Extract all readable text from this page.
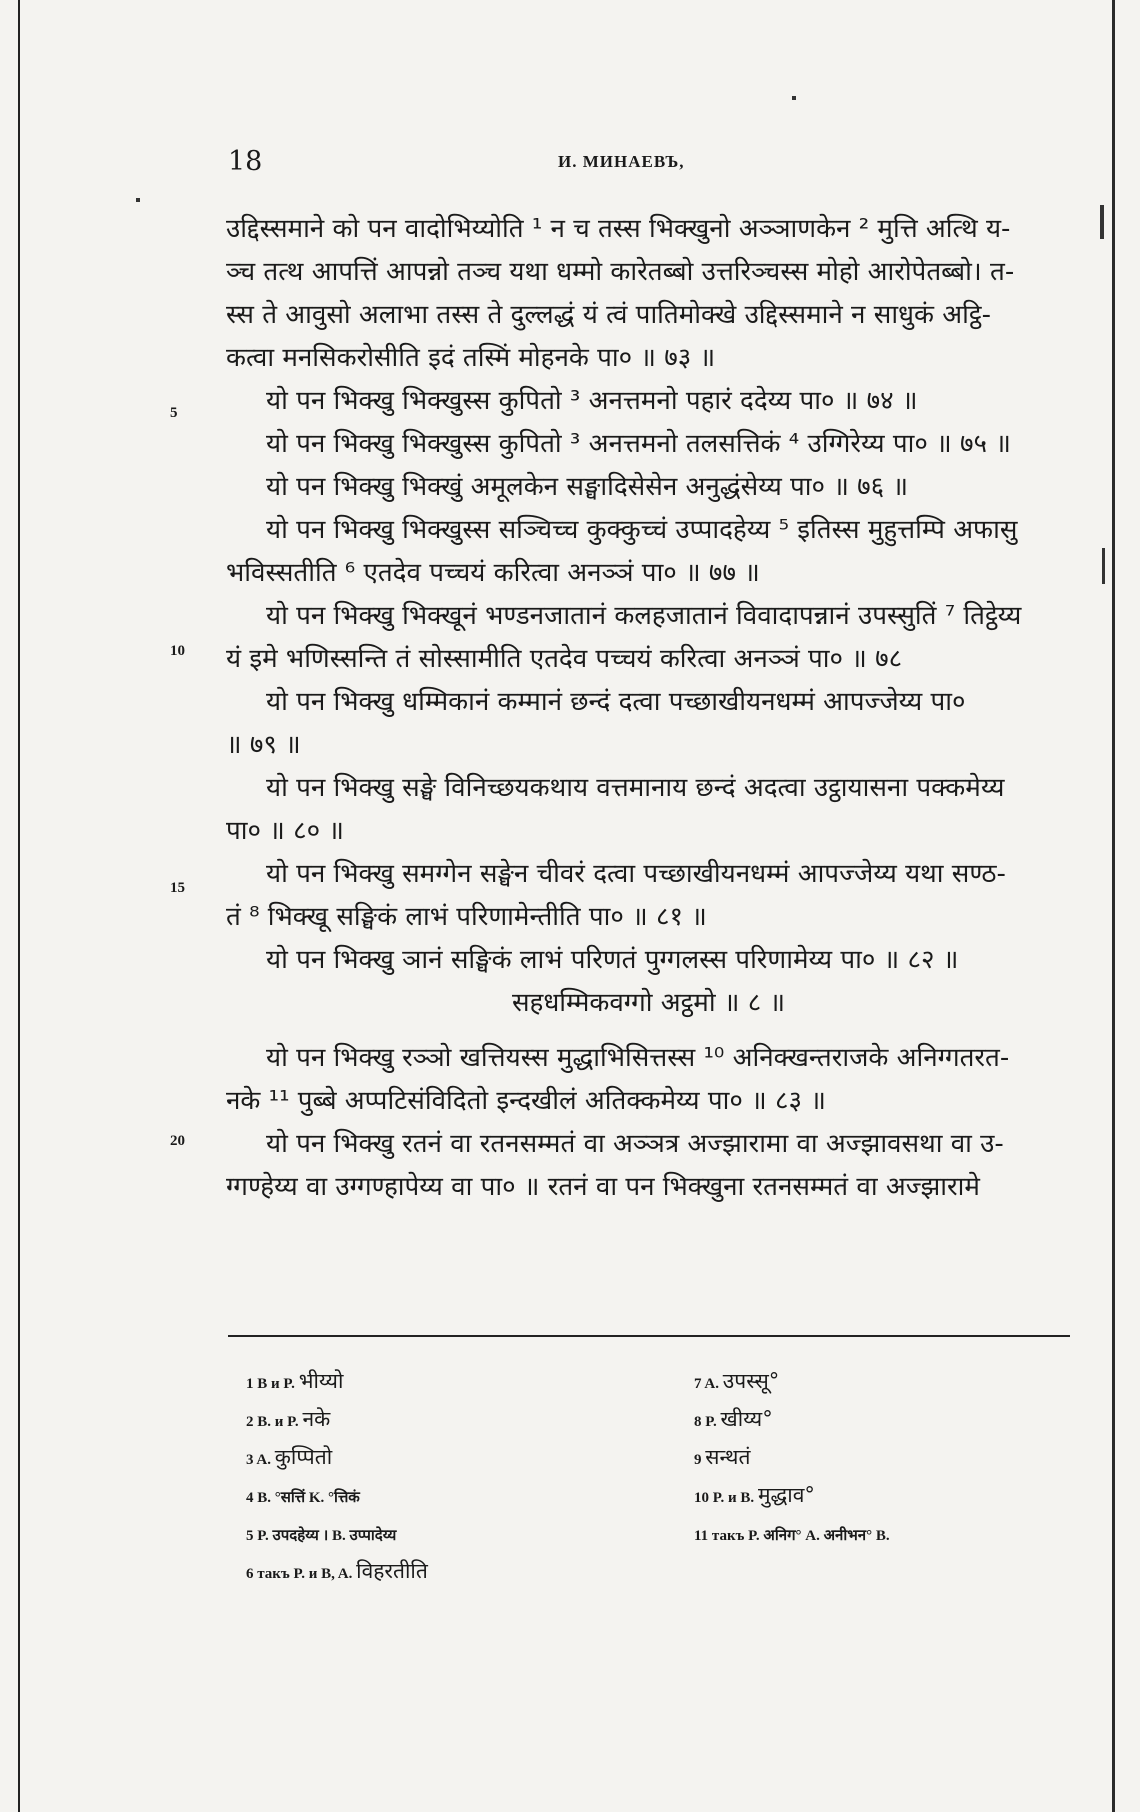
18	И. МИНАЕВЪ,
5
10
15
20
उद्दिस्समाने को पन वादोभिय्योति ¹ न च तस्स भिक्खुनो अञ्ञाणकेन ² मुत्ति अत्थि य-
ञ्च तत्थ आपत्तिं आपन्नो तञ्च यथा धम्मो कारेतब्बो उत्तरिञ्चस्स मोहो आरोपेतब्बो। त-
स्स ते आवुसो अलाभा तस्स ते दुल्लद्धं यं त्वं पातिमोक्खे उद्दिस्समाने न साधुकं अट्ठि-
कत्वा मनसिकरोसीति इदं तस्मिं मोहनके पा० ॥ ७३ ॥
यो पन भिक्खु भिक्खुस्स कुपितो ³ अनत्तमनो पहारं ददेय्य पा० ॥ ७४ ॥
यो पन भिक्खु भिक्खुस्स कुपितो ³ अनत्तमनो तलसत्तिकं ⁴ उग्गिरेय्य पा० ॥ ७५ ॥
यो पन भिक्खु भिक्खुं अमूलकेन सङ्घादिसेसेन अनुद्धंसेय्य पा० ॥ ७६ ॥
यो पन भिक्खु भिक्खुस्स सञ्चिच्च कुक्कुच्चं उप्पादहेय्य ⁵ इतिस्स मुहुत्तम्पि अफासु
भविस्सतीति ⁶ एतदेव पच्चयं करित्वा अनञ्ञं पा० ॥ ७७ ॥
यो पन भिक्खु भिक्खूनं भण्डनजातानं कलहजातानं विवादापन्नानं उपस्सुतिं ⁷ तिट्ठेय्य
यं इमे भणिस्सन्ति तं सोस्सामीति एतदेव पच्चयं करित्वा अनञ्ञं पा० ॥ ७८
यो पन भिक्खु धम्मिकानं कम्मानं छन्दं दत्वा पच्छाखीयनधम्मं आपज्जेय्य पा०
॥ ७९ ॥
यो पन भिक्खु सङ्घे विनिच्छयकथाय वत्तमानाय छन्दं अदत्वा उट्ठायासना पक्कमेय्य
पा० ॥ ८० ॥
यो पन भिक्खु समग्गेन सङ्घेन चीवरं दत्वा पच्छाखीयनधम्मं आपज्जेय्य यथा सण्ठ-
तं ⁸ भिक्खू सङ्घिकं लाभं परिणामेन्तीति पा० ॥ ८१ ॥
यो पन भिक्खु ञानं सङ्घिकं लाभं परिणतं पुग्गलस्स परिणामेय्य पा० ॥ ८२ ॥
सहधम्मिकवग्गो अट्ठमो ॥ ८ ॥
यो पन भिक्खु रञ्ञो खत्तियस्स मुद्धाभिसित्तस्स ¹⁰ अनिक्खन्तराजके अनिग्गतरत-
नके ¹¹ पुब्बे अप्पटिसंविदितो इन्दखीलं अतिक्कमेय्य पा० ॥ ८३ ॥
यो पन भिक्खु रतनं वा रतनसम्मतं वा अञ्ञत्र अज्झारामा वा अज्झावसथा वा उ-
ग्गण्हेय्य वा उग्गण्हापेय्य वा पा० ॥ रतनं वा पन भिक्खुना रतनसम्मतं वा अज्झारामे
1 B и P. भीय्यो
2 B. и P. नके
3 A. कुप्पितो
4 B. °सत्तिं K. °त्तिकं
5 P. उपदहेय्य । B. उप्पादेय्य
6 такъ P. и B, A. विहरतीति
7 A. उपस्सू°
8 P. खीय्य°
9 सन्थतं
10 P. и B. मुद्धाव°
11 такъ P. अनिग° A. अनीभन° B.
